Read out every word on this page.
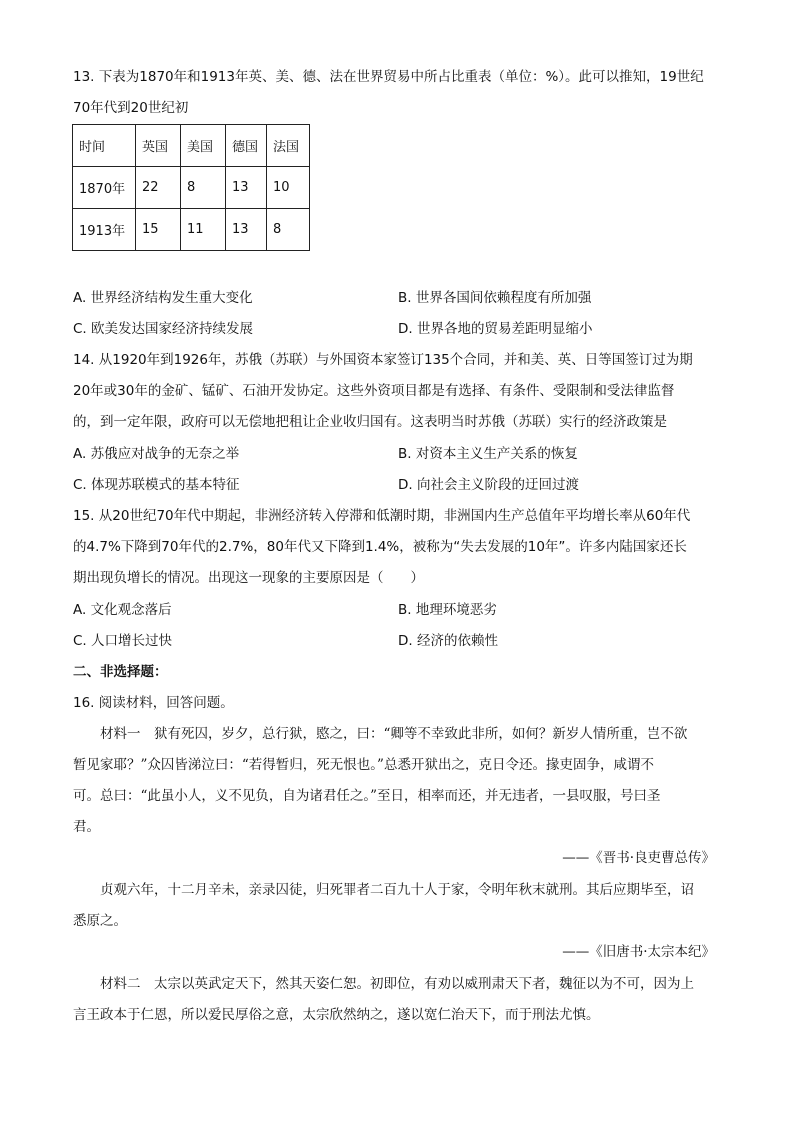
13. 下表为1870年和1913年英、美、德、法在世界贸易中所占比重表（单位：%）。此可以推知，19世纪
70年代到20世纪初
时间	英国	美国	德国	法国
1870年	22	8	13	10
1913年	15	11	13	8
A. 世界经济结构发生重大变化	B. 世界各国间依赖程度有所加强
C. 欧美发达国家经济持续发展	D. 世界各地的贸易差距明显缩小
14. 从1920年到1926年，苏俄（苏联）与外国资本家签订135个合同，并和美、英、日等国签订过为期
20年或30年的金矿、锰矿、石油开发协定。这些外资项目都是有选择、有条件、受限制和受法律监督
的，到一定年限，政府可以无偿地把租让企业收归国有。这表明当时苏俄（苏联）实行的经济政策是
A. 苏俄应对战争的无奈之举	B. 对资本主义生产关系的恢复
C. 体现苏联模式的基本特征	D. 向社会主义阶段的迂回过渡
15. 从20世纪70年代中期起，非洲经济转入停滞和低潮时期，非洲国内生产总值年平均增长率从60年代
的4.7%下降到70年代的2.7%，80年代又下降到1.4%，被称为“失去发展的10年”。许多内陆国家还长
期出现负增长的情况。出现这一现象的主要原因是（　　）
A. 文化观念落后	B. 地理环境恶劣
C. 人口增长过快	D. 经济的依赖性
二、非选择题：
16. 阅读材料，回答问题。
材料一　狱有死囚，岁夕，总行狱，愍之，曰：“卿等不幸致此非所，如何？新岁人情所重，岂不欲
暂见家耶？”众囚皆涕泣曰：“若得暂归，死无恨也。”总悉开狱出之，克日令还。掾吏固争，咸谓不
可。总曰：“此虽小人，义不见负，自为诸君任之。”至日，相率而还，并无违者，一县叹服，号曰圣
君。
——《晋书·良吏曹总传》
贞观六年，十二月辛未，亲录囚徒，归死罪者二百九十人于家，令明年秋末就刑。其后应期毕至，诏
悉原之。
——《旧唐书·太宗本纪》
材料二　太宗以英武定天下，然其天姿仁恕。初即位，有劝以威刑肃天下者，魏征以为不可，因为上
言王政本于仁恩，所以爱民厚俗之意，太宗欣然纳之，遂以宽仁治天下，而于刑法尤慎。
